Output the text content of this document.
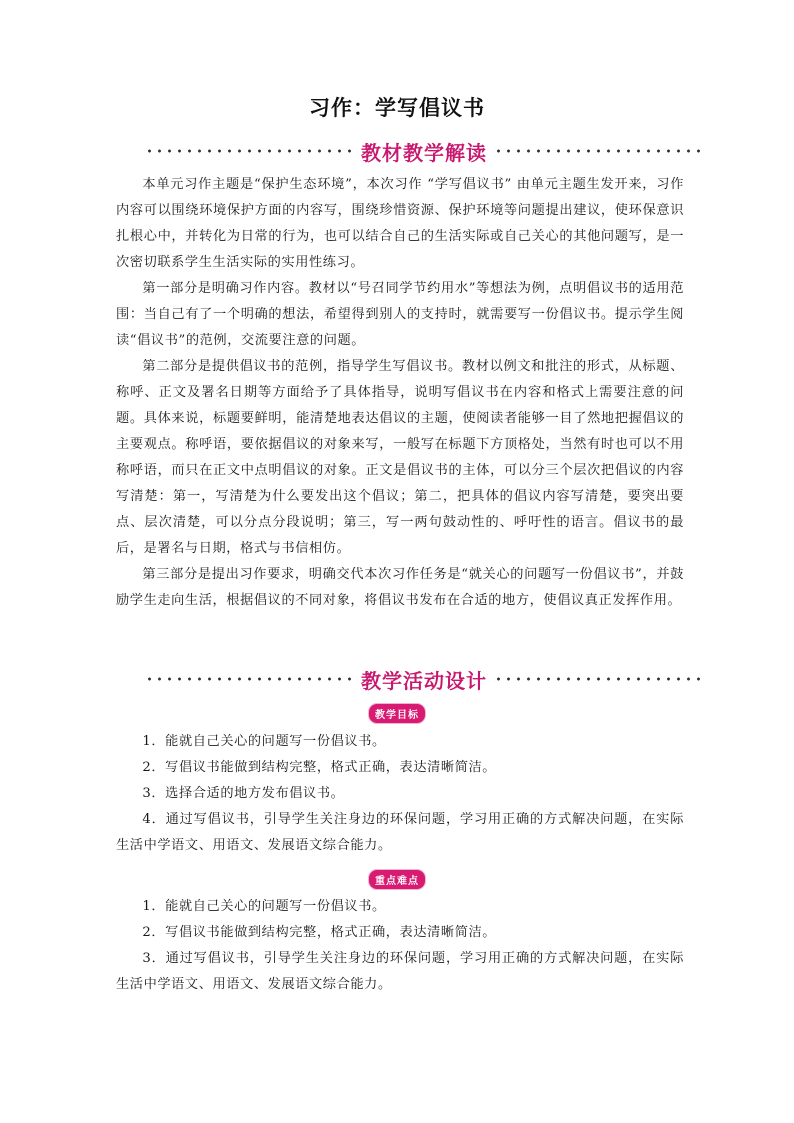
习作：学写倡议书
教材教学解读

本单元习作主题是“保护生态环境”，本次习作 “学写倡议书” 由单元主题生发开来，习作内容可以围绕环境保护方面的内容写，围绕珍惜资源、保护环境等问题提出建议，使环保意识扎根心中，并转化为日常的行为，也可以结合自己的生活实际或自己关心的其他问题写，是一次密切联系学生生活实际的实用性练习。

第一部分是明确习作内容。教材以“号召同学节约用水”等想法为例，点明倡议书的适用范围：当自己有了一个明确的想法，希望得到别人的支持时，就需要写一份倡议书。提示学生阅读“倡议书”的范例，交流要注意的问题。

第二部分是提供倡议书的范例，指导学生写倡议书。教材以例文和批注的形式，从标题、称呼、正文及署名日期等方面给予了具体指导，说明写倡议书在内容和格式上需要注意的问题。具体来说，标题要鲜明，能清楚地表达倡议的主题，使阅读者能够一目了然地把握倡议的主要观点。称呼语，要依据倡议的对象来写，一般写在标题下方顶格处，当然有时也可以不用称呼语，而只在正文中点明倡议的对象。正文是倡议书的主体，可以分三个层次把倡议的内容写清楚：第一，写清楚为什么要发出这个倡议；第二，把具体的倡议内容写清楚，要突出要点、层次清楚，可以分点分段说明；第三，写一两句鼓动性的、呼吁性的语言。倡议书的最后，是署名与日期，格式与书信相仿。

第三部分是提出习作要求，明确交代本次习作任务是“就关心的问题写一份倡议书”，并鼓励学生走向生活，根据倡议的不同对象，将倡议书发布在合适的地方，使倡议真正发挥作用。

教学活动设计
教学目标

1．能就自己关心的问题写一份倡议书。

2．写倡议书能做到结构完整，格式正确，表达清晰简洁。

3．选择合适的地方发布倡议书。

4．通过写倡议书，引导学生关注身边的环保问题，学习用正确的方式解决问题，在实际生活中学语文、用语文、发展语文综合能力。

重点难点

1．能就自己关心的问题写一份倡议书。

2．写倡议书能做到结构完整，格式正确，表达清晰简洁。

3．通过写倡议书，引导学生关注身边的环保问题，学习用正确的方式解决问题，在实际生活中学语文、用语文、发展语文综合能力。
